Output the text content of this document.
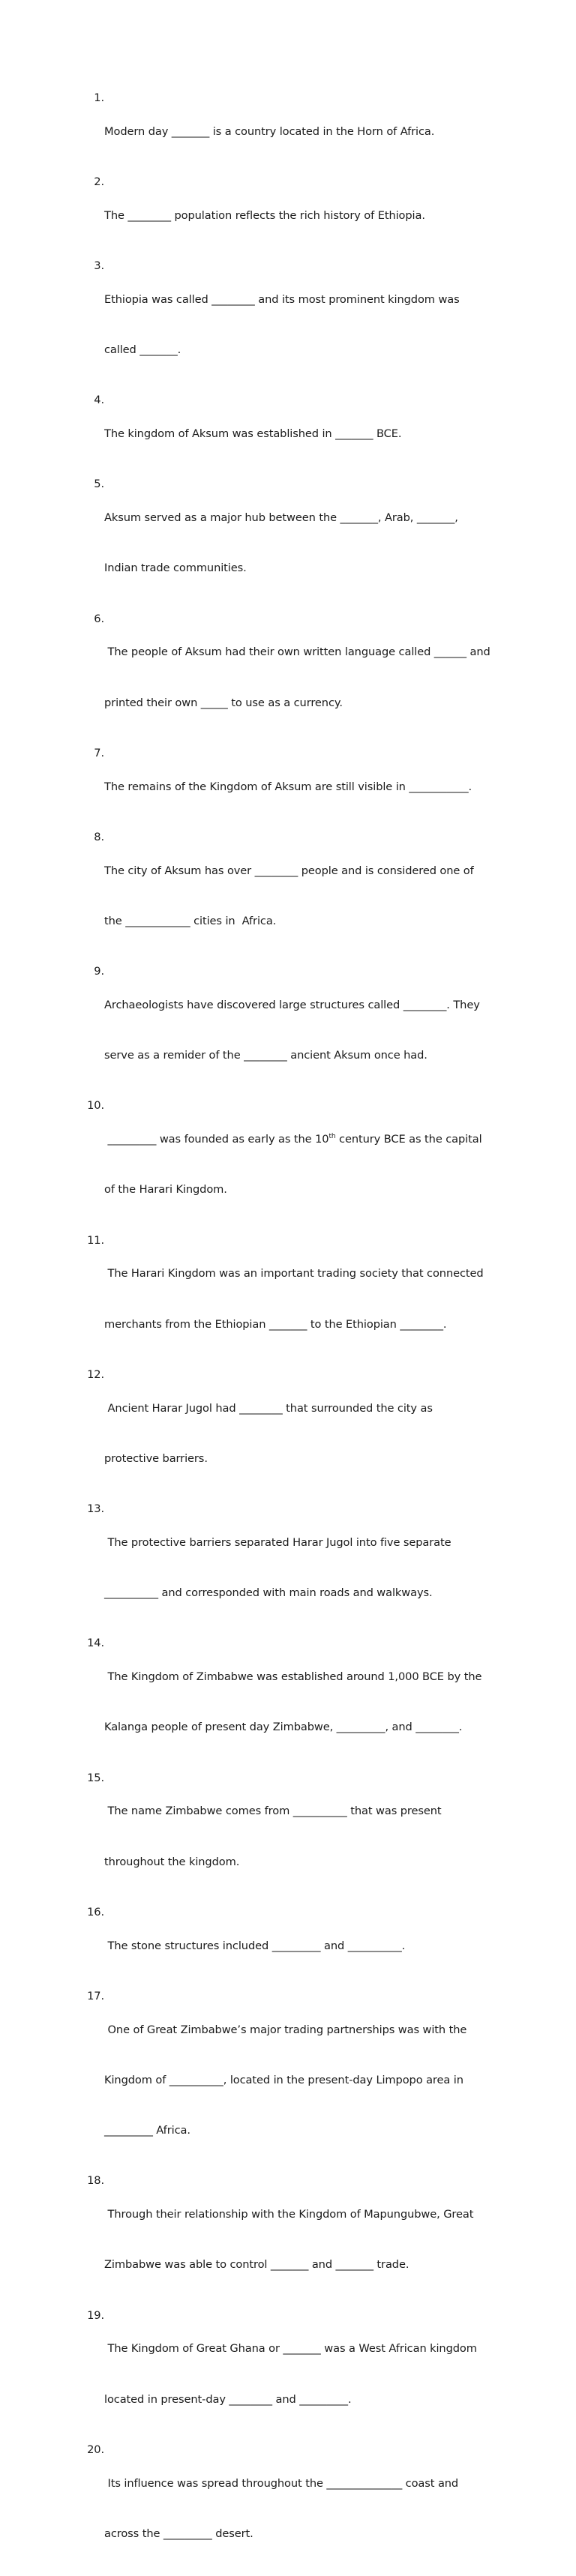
1.

Modern day _______ is a country located in the Horn of Africa.

2.

The ________ population reflects the rich history of Ethiopia.

3.

Ethiopia was called ________ and its most prominent kingdom was

called _______.

4.

The kingdom of Aksum was established in _______ BCE.

5.

Aksum served as a major hub between the _______, Arab, _______,

Indian trade communities.

6.

The people of Aksum had their own written language called ______ and

printed their own _____ to use as a currency.

7.

The remains of the Kingdom of Aksum are still visible in ___________.

8.

The city of Aksum has over ________ people and is considered one of

the ____________ cities in  Africa.

9.

Archaeologists have discovered large structures called ________. They

serve as a remider of the ________ ancient Aksum once had.

10.

_________ was founded as early as the 10th century BCE as the capital

of the Harari Kingdom.

11.

The Harari Kingdom was an important trading society that connected

merchants from the Ethiopian _______ to the Ethiopian ________.

12.

Ancient Harar Jugol had ________ that surrounded the city as

protective barriers.

13.

The protective barriers separated Harar Jugol into five separate

__________ and corresponded with main roads and walkways.

14.

The Kingdom of Zimbabwe was established around 1,000 BCE by the

Kalanga people of present day Zimbabwe, _________, and ________.

15.

The name Zimbabwe comes from __________ that was present

throughout the kingdom.

16.

The stone structures included _________ and __________.

17.

One of Great Zimbabwe’s major trading partnerships was with the

Kingdom of __________, located in the present-day Limpopo area in

_________ Africa.

18.

Through their relationship with the Kingdom of Mapungubwe, Great

Zimbabwe was able to control _______ and _______ trade.

19.

The Kingdom of Great Ghana or _______ was a West African kingdom

located in present-day ________ and _________.

20.

Its influence was spread throughout the ______________ coast and

across the _________ desert.
